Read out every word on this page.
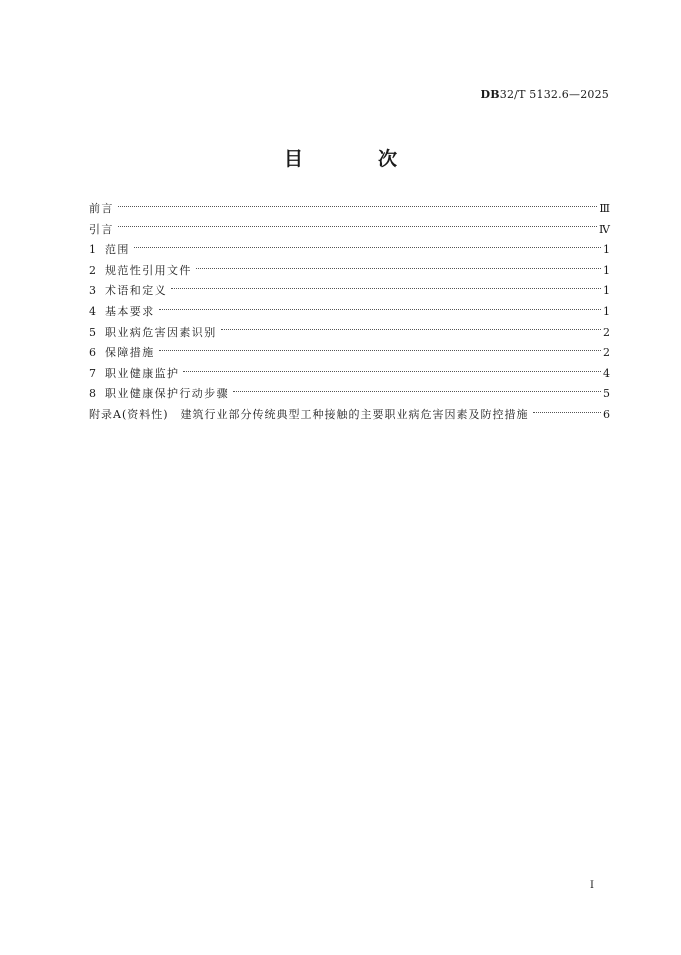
DB32/T 5132.6—2025
目　次
前言	Ⅲ
引言	Ⅳ
1 范围	1
2 规范性引用文件	1
3 术语和定义	1
4 基本要求	1
5 职业病危害因素识别	2
6 保障措施	2
7 职业健康监护	4
8 职业健康保护行动步骤	5
附录A(资料性)　建筑行业部分传统典型工种接触的主要职业病危害因素及防控措施	6
Ⅰ
